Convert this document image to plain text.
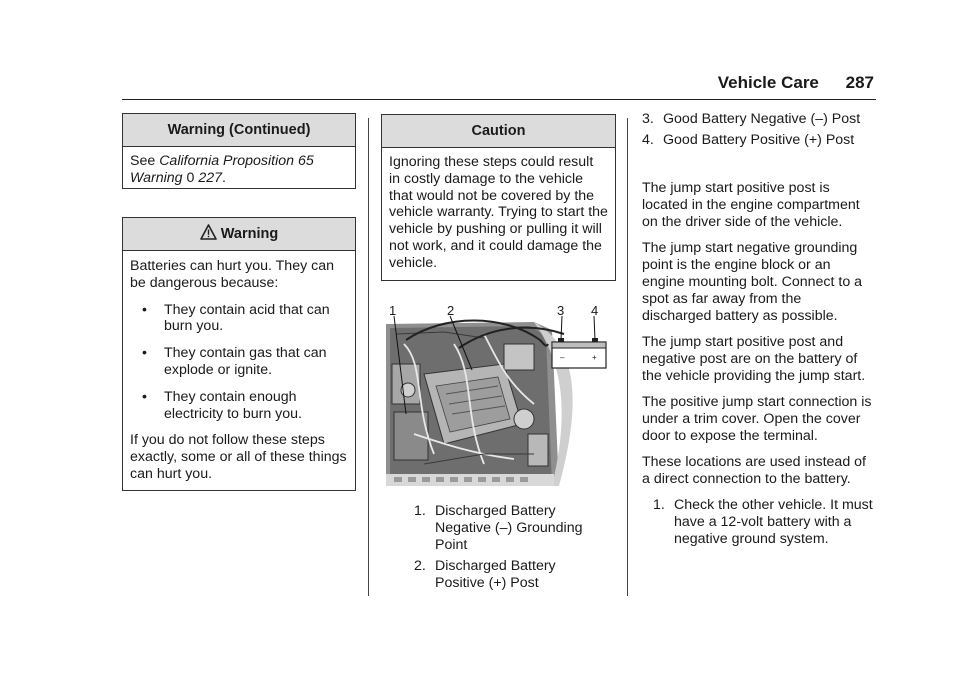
Vehicle Care 287
Warning (Continued)
See California Proposition 65 Warning 0 227.
Warning

Batteries can hurt you. They can be dangerous because:

• They contain acid that can burn you.
• They contain gas that can explode or ignite.
• They contain enough electricity to burn you.

If you do not follow these steps exactly, some or all of these things can hurt you.

Caution

Ignoring these steps could result in costly damage to the vehicle that would not be covered by the vehicle warranty. Trying to start the vehicle by pushing or pulling it will not work, and it could damage the vehicle.

–	+
1	2	3 4
1. Discharged Battery Negative (–) Grounding Point
2. Discharged Battery Positive (+) Post
3. Good Battery Negative (–) Post
4. Good Battery Positive (+) Post

The jump start positive post is located in the engine compartment on the driver side of the vehicle.

The jump start negative grounding point is the engine block or an engine mounting bolt. Connect to a spot as far away from the discharged battery as possible.

The jump start positive post and negative post are on the battery of the vehicle providing the jump start.

The positive jump start connection is under a trim cover. Open the cover door to expose the terminal.

These locations are used instead of a direct connection to the battery.

1. Check the other vehicle. It must have a 12-volt battery with a negative ground system.
